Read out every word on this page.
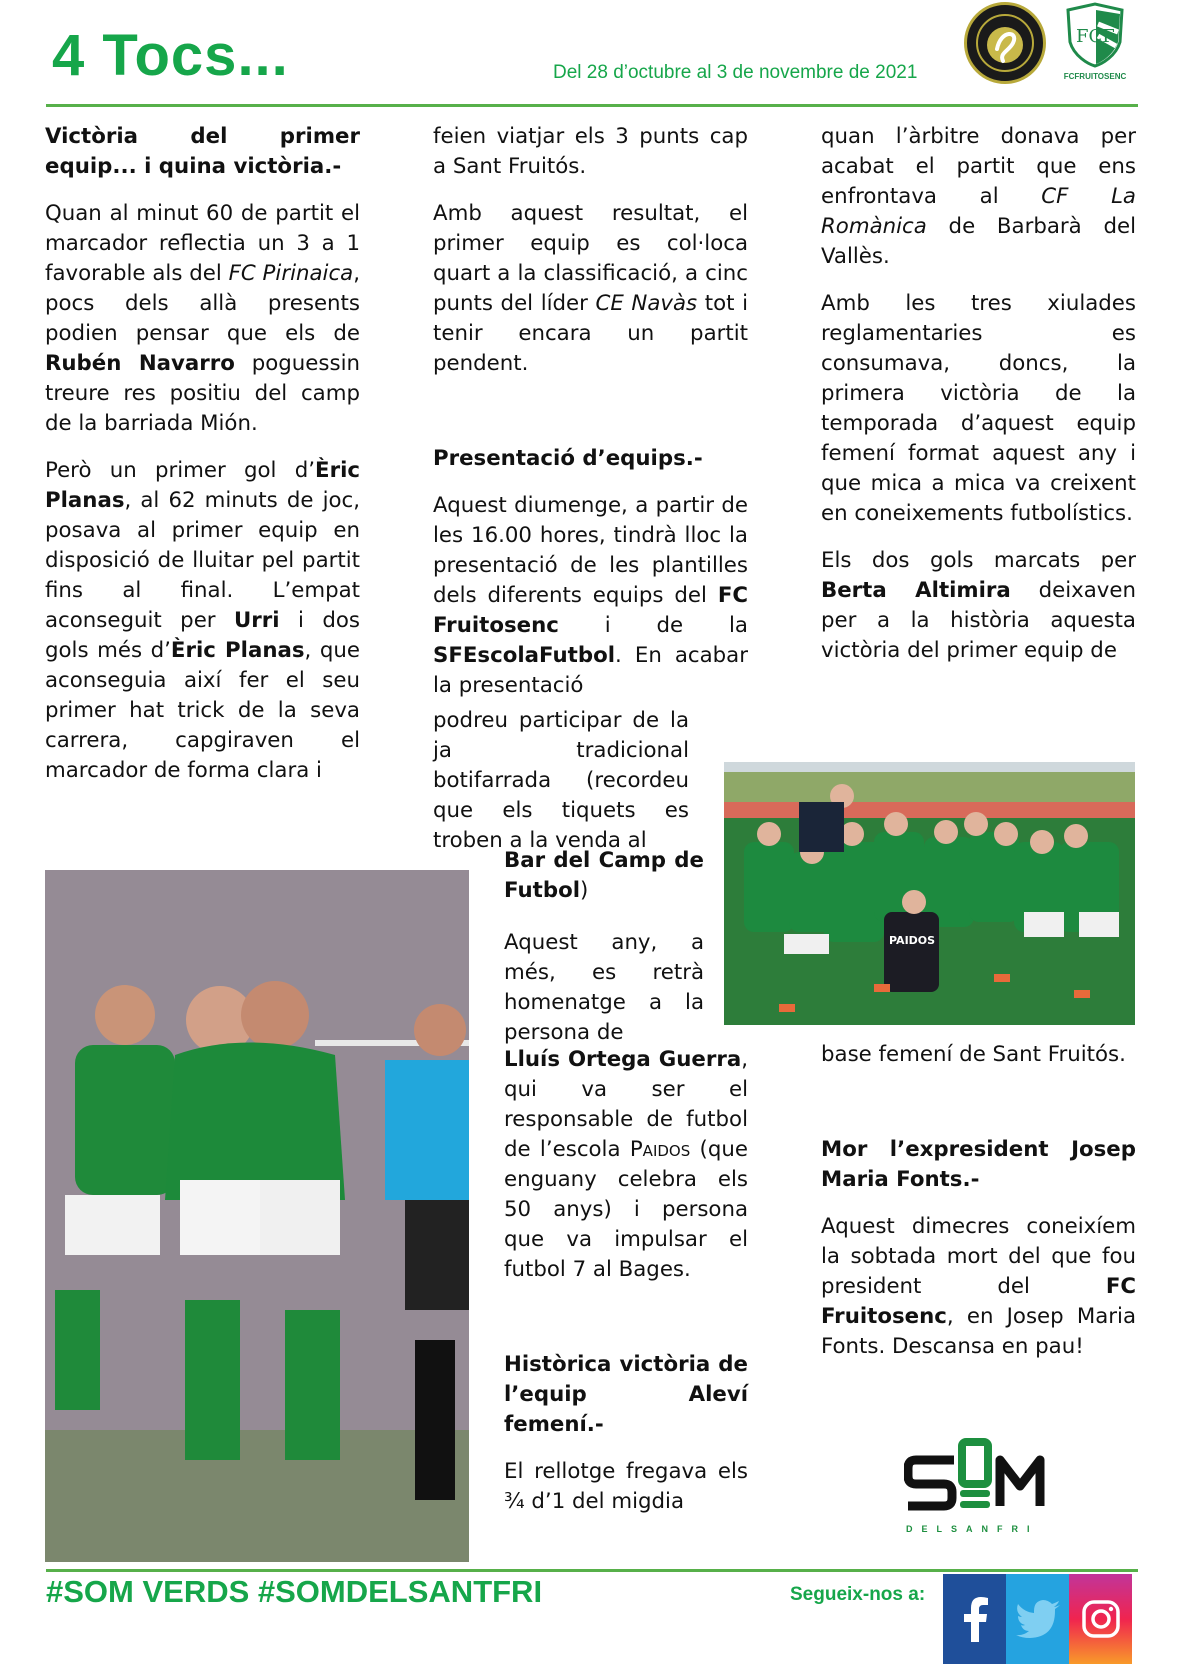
4 Tocs...	Del 28 d’octubre al 3 de novembre de 2021
FCF
FCFRUITOSENC
Victòria del primer equip... i quina victòria.-

Quan al minut 60 de partit el marcador reflectia un 3 a 1 favorable als del FC Pirinaica, pocs dels allà presents podien pensar que els de Rubén Navarro poguessin treure res positiu del camp de la barriada Mión.

Però un primer gol d’Èric Planas, al 62 minuts de joc, posava al primer equip en disposició de lluitar pel partit fins al final. L’empat aconseguit per Urri i dos gols més d’Èric Planas, que aconseguia així fer el seu primer hat trick de la seva carrera, capgiraven el marcador de forma clara i

feien viatjar els 3 punts cap a Sant Fruitós.

Amb aquest resultat, el primer equip es col·loca quart a la classificació, a cinc punts del líder CE Navàs tot i tenir encara un partit pendent.

Presentació d’equips.-

Aquest diumenge, a partir de les 16.00 hores, tindrà lloc la presentació de les plantilles dels diferents equips del FC Fruitosenc i de la SFEscolaFutbol. En acabar la presentació

podreu participar de la ja tradicional botifarrada (recordeu que els tiquets es troben a la venda al

Bar del Camp de Futbol)

Aquest any, a més, es retrà homenatge a la persona de

Lluís Ortega Guerra, qui va ser el responsable de futbol de l’escola Paidos (que enguany celebra els 50 anys) i persona que va impulsar el futbol 7 al Bages.

Històrica victòria de l’equip Aleví femení.-

El rellotge fregava els ¾ d’1 del migdia

quan l’àrbitre donava per acabat el partit que ens enfrontava al CF La Romànica de Barbarà del Vallès.

Amb les tres xiulades reglamentaries es consumava, doncs, la primera victòria de la temporada d’aquest equip femení format aquest any i que mica a mica va creixent en coneixements futbolístics.

Els dos gols marcats per Berta Altimira deixaven per a la història aquesta victòria del primer equip de

PAIDOS

base femení de Sant Fruitós.

Mor l’expresident Josep Maria Fonts.-

Aquest dimecres coneixíem la sobtada mort del que fou president del FC Fruitosenc, en Josep Maria Fonts. Descansa en pau!

DELSANFRI
#SOM VERDS #SOMDELSANTFRI	Segueix-nos a:
